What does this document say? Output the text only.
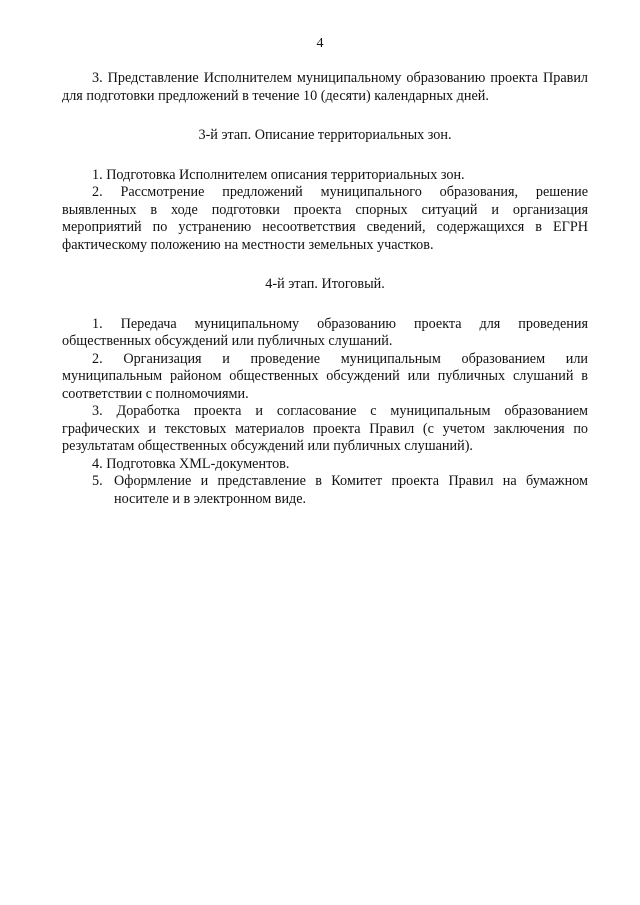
4

3. Представление Исполнителем муниципальному образованию проекта Правил для подготовки предложений в течение 10 (десяти) календарных дней.

3-й этап. Описание территориальных зон.

1. Подготовка Исполнителем описания территориальных зон.

2. Рассмотрение предложений муниципального образования, решение выявленных в ходе подготовки проекта спорных ситуаций и организация мероприятий по устранению несоответствия сведений, содержащихся в ЕГРН фактическому положению на местности земельных участков.

4-й этап. Итоговый.

1. Передача муниципальному образованию проекта для проведения общественных обсуждений или публичных слушаний.

2. Организация и проведение муниципальным образованием или муниципальным районом общественных обсуждений или публичных слушаний в соответствии с полномочиями.

3. Доработка проекта и согласование с муниципальным образованием графических и текстовых материалов проекта Правил (с учетом заключения по результатам общественных обсуждений или публичных слушаний).

4. Подготовка XML-документов.

5. Оформление и представление в Комитет проекта Правил на бумажном носителе и в электронном виде.
